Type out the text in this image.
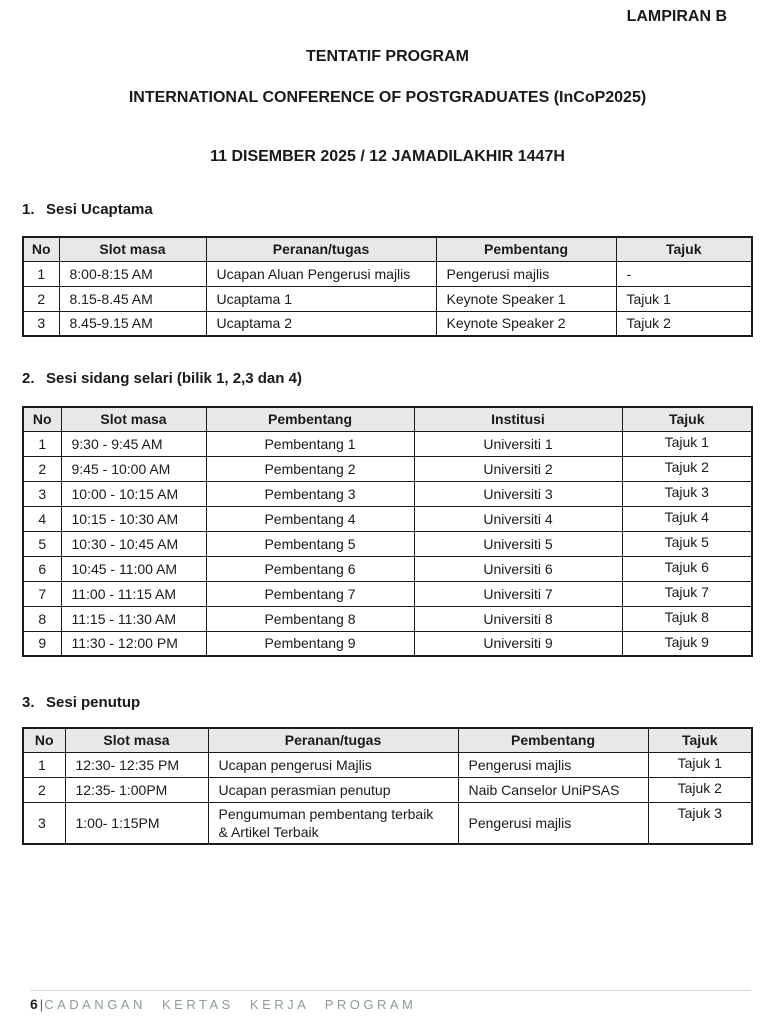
LAMPIRAN B
TENTATIF PROGRAM
INTERNATIONAL CONFERENCE OF POSTGRADUATES (InCoP2025)
11 DISEMBER 2025 / 12 JAMADILAKHIR 1447H
1. Sesi Ucaptama
No	Slot masa	Peranan/tugas	Pembentang	Tajuk
1	8:00-8:15 AM	Ucapan Aluan Pengerusi majlis	Pengerusi majlis	-
2	8.15-8.45 AM	Ucaptama 1	Keynote Speaker 1	Tajuk 1
3	8.45-9.15 AM	Ucaptama 2	Keynote Speaker 2	Tajuk 2
2. Sesi sidang selari (bilik 1, 2,3 dan 4)
No	Slot masa	Pembentang	Institusi	Tajuk
1	9:30 - 9:45 AM	Pembentang 1	Universiti 1	Tajuk 1
2	9:45 - 10:00 AM	Pembentang 2	Universiti 2	Tajuk 2
3	10:00 - 10:15 AM	Pembentang 3	Universiti 3	Tajuk 3
4	10:15 - 10:30 AM	Pembentang 4	Universiti 4	Tajuk 4
5	10:30 - 10:45 AM	Pembentang 5	Universiti 5	Tajuk 5
6	10:45 - 11:00 AM	Pembentang 6	Universiti 6	Tajuk 6
7	11:00 - 11:15 AM	Pembentang 7	Universiti 7	Tajuk 7
8	11:15 - 11:30 AM	Pembentang 8	Universiti 8	Tajuk 8
9	11:30 - 12:00 PM	Pembentang 9	Universiti 9	Tajuk 9
3. Sesi penutup
No	Slot masa	Peranan/tugas	Pembentang	Tajuk
1	12:30- 12:35 PM	Ucapan pengerusi Majlis	Pengerusi majlis	Tajuk 1
2	12:35- 1:00PM	Ucapan perasmian penutup	Naib Canselor UniPSAS	Tajuk 2
3	1:00- 1:15PM	Pengumuman pembentang terbaik & Artikel Terbaik	Pengerusi majlis	Tajuk 3
6 |CADANGAN KERTAS KERJA PROGRAM
